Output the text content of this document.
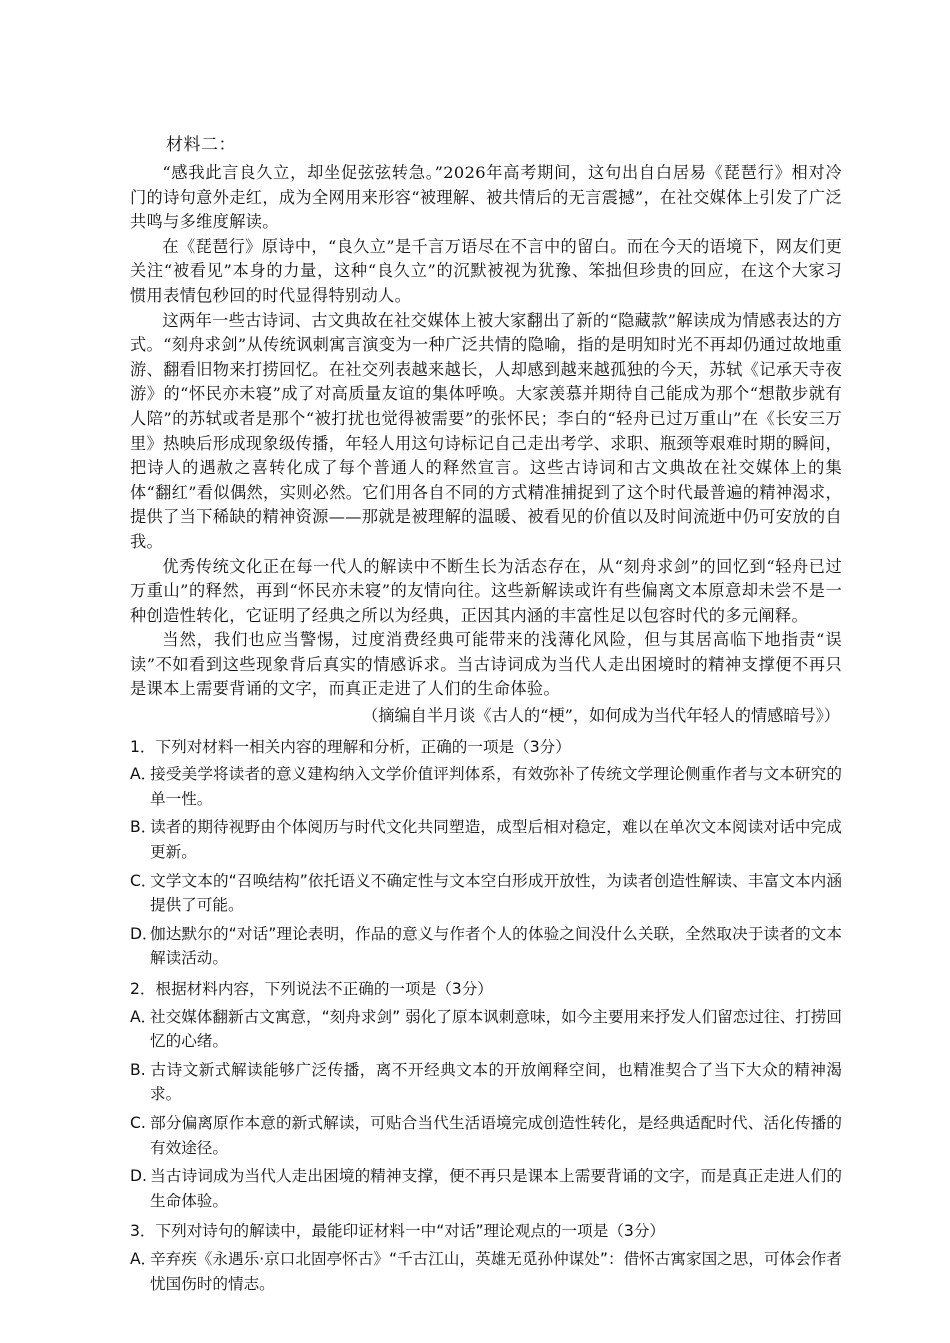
材料二：

“感我此言良久立，却坐促弦弦转急。”2026年高考期间，这句出自白居易《琵琶行》相对冷门的诗句意外走红，成为全网用来形容“被理解、被共情后的无言震撼”，在社交媒体上引发了广泛共鸣与多维度解读。

在《琵琶行》原诗中，“良久立”是千言万语尽在不言中的留白。而在今天的语境下，网友们更关注“被看见”本身的力量，这种“良久立”的沉默被视为犹豫、笨拙但珍贵的回应，在这个大家习惯用表情包秒回的时代显得特别动人。

这两年一些古诗词、古文典故在社交媒体上被大家翻出了新的“隐藏款”解读成为情感表达的方式。“刻舟求剑”从传统讽刺寓言演变为一种广泛共情的隐喻，指的是明知时光不再却仍通过故地重游、翻看旧物来打捞回忆。在社交列表越来越长，人却感到越来越孤独的今天，苏轼《记承天寺夜游》的“怀民亦未寝”成了对高质量友谊的集体呼唤。大家羡慕并期待自己能成为那个“想散步就有人陪”的苏轼或者是那个“被打扰也觉得被需要”的张怀民；李白的“轻舟已过万重山”在《长安三万里》热映后形成现象级传播，年轻人用这句诗标记自己走出考学、求职、瓶颈等艰难时期的瞬间，把诗人的遇赦之喜转化成了每个普通人的释然宣言。这些古诗词和古文典故在社交媒体上的集体“翻红”看似偶然，实则必然。它们用各自不同的方式精准捕捉到了这个时代最普遍的精神渴求，提供了当下稀缺的精神资源——那就是被理解的温暖、被看见的价值以及时间流逝中仍可安放的自我。

优秀传统文化正在每一代人的解读中不断生长为活态存在，从“刻舟求剑”的回忆到“轻舟已过万重山”的释然，再到“怀民亦未寝”的友情向往。这些新解读或许有些偏离文本原意却未尝不是一种创造性转化，它证明了经典之所以为经典，正因其内涵的丰富性足以包容时代的多元阐释。

当然，我们也应当警惕，过度消费经典可能带来的浅薄化风险，但与其居高临下地指责“误读”不如看到这些现象背后真实的情感诉求。当古诗词成为当代人走出困境时的精神支撑便不再只是课本上需要背诵的文字，而真正走进了人们的生命体验。

（摘编自半月谈《古人的“梗”，如何成为当代年轻人的情感暗号》）
1．下列对材料一相关内容的理解和分析，正确的一项是（3分）
A．接受美学将读者的意义建构纳入文学价值评判体系，有效弥补了传统文学理论侧重作者与文本研究的单一性。
B．读者的期待视野由个体阅历与时代文化共同塑造，成型后相对稳定，难以在单次文本阅读对话中完成更新。
C．文学文本的“召唤结构”依托语义不确定性与文本空白形成开放性，为读者创造性解读、丰富文本内涵提供了可能。
D．伽达默尔的“对话”理论表明，作品的意义与作者个人的体验之间没什么关联，全然取决于读者的文本解读活动。
2．根据材料内容，下列说法不正确的一项是（3分）
A．社交媒体翻新古文寓意，“刻舟求剑” 弱化了原本讽刺意味，如今主要用来抒发人们留恋过往、打捞回忆的心绪。
B. 古诗文新式解读能够广泛传播，离不开经典文本的开放阐释空间，也精准契合了当下大众的精神渴求。
C. 部分偏离原作本意的新式解读，可贴合当代生活语境完成创造性转化，是经典适配时代、活化传播的有效途径。
D. 当古诗词成为当代人走出困境的精神支撑，便不再只是课本上需要背诵的文字，而是真正走进人们的生命体验。
3．下列对诗句的解读中，最能印证材料一中“对话”理论观点的一项是（3分）
A．辛弃疾《永遇乐·京口北固亭怀古》“千古江山，英雄无觅孙仲谋处”：借怀古寓家国之思，可体会作者忧国伤时的情志。
